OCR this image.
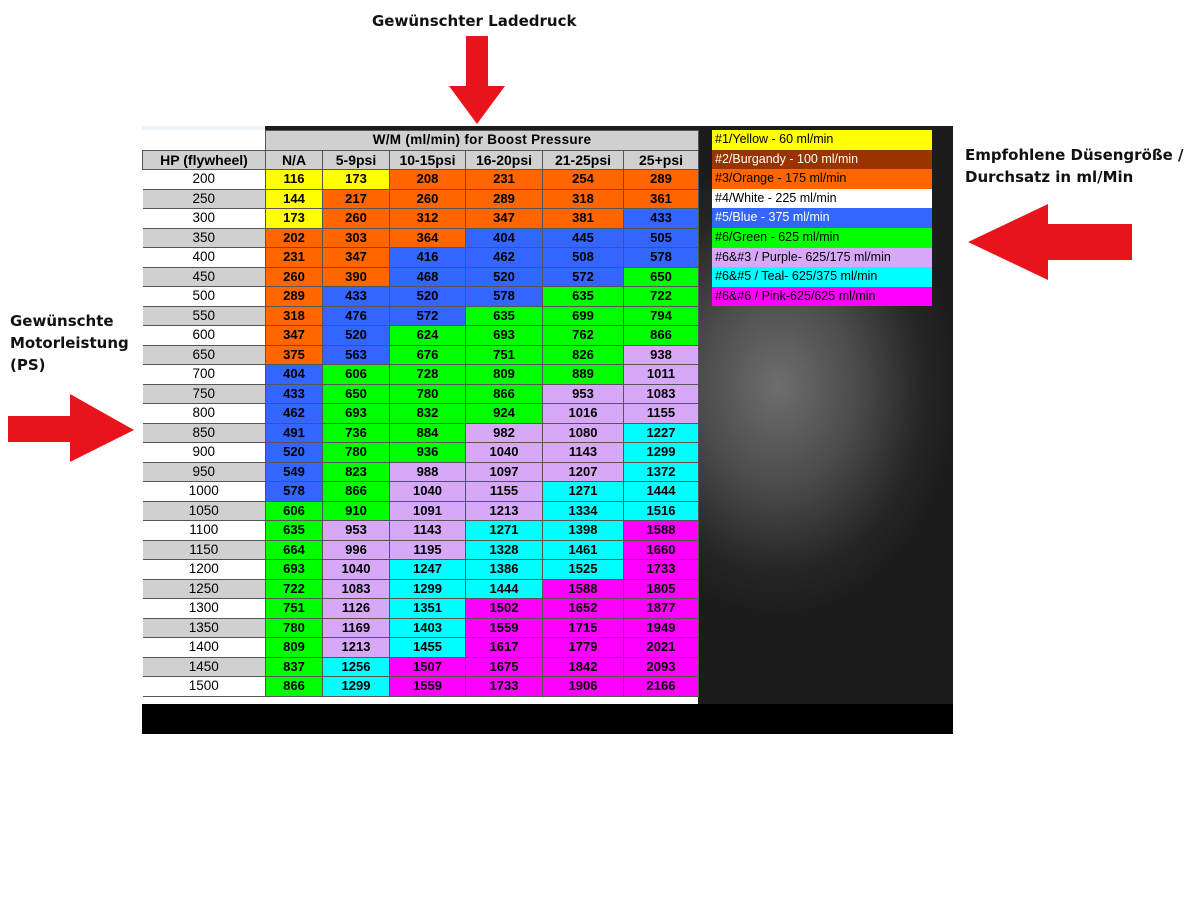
Gewünschter Ladedruck
Gewünschte Motorleistung (PS)
Empfohlene Düsengröße / Durchsatz in ml/Min
	W/M (ml/min) for Boost Pressure					
HP (flywheel)	N/A	5-9psi	10-15psi	16-20psi	21-25psi	25+psi
200	116	173	208	231	254	289
250	144	217	260	289	318	361
300	173	260	312	347	381	433
350	202	303	364	404	445	505
400	231	347	416	462	508	578
450	260	390	468	520	572	650
500	289	433	520	578	635	722
550	318	476	572	635	699	794
600	347	520	624	693	762	866
650	375	563	676	751	826	938
700	404	606	728	809	889	1011
750	433	650	780	866	953	1083
800	462	693	832	924	1016	1155
850	491	736	884	982	1080	1227
900	520	780	936	1040	1143	1299
950	549	823	988	1097	1207	1372
1000	578	866	1040	1155	1271	1444
1050	606	910	1091	1213	1334	1516
1100	635	953	1143	1271	1398	1588
1150	664	996	1195	1328	1461	1660
1200	693	1040	1247	1386	1525	1733
1250	722	1083	1299	1444	1588	1805
1300	751	1126	1351	1502	1652	1877
1350	780	1169	1403	1559	1715	1949
1400	809	1213	1455	1617	1779	2021
1450	837	1256	1507	1675	1842	2093
1500	866	1299	1559	1733	1906	2166
#1/Yellow - 60 ml/min
#2/Burgandy - 100 ml/min
#3/Orange - 175 ml/min
#4/White - 225 ml/min
#5/Blue - 375 ml/min
#6/Green - 625 ml/min
#6&#3 / Purple- 625/175 ml/min
#6&#5 / Teal- 625/375 ml/min
#6&#6 / Pink-625/625 ml/min
